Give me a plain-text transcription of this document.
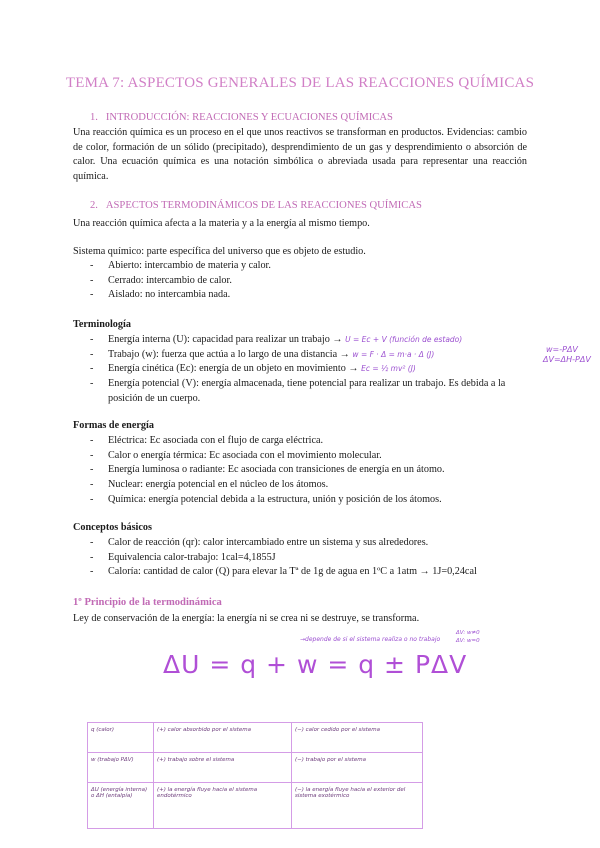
TEMA 7: ASPECTOS GENERALES DE LAS REACCIONES QUÍMICAS
1.   INTRODUCCIÓN: REACCIONES Y ECUACIONES QUÍMICAS
Una reacción química es un proceso en el que unos reactivos se transforman en productos. Evidencias: cambio de color, formación de un sólido (precipitado), desprendimiento de un gas y desprendimiento o absorción de calor. Una ecuación química es una notación simbólica o abreviada usada para representar una reacción química.
2.   ASPECTOS TERMODINÁMICOS DE LAS REACCIONES QUÍMICAS
Una reacción química afecta a la materia y a la energía al mismo tiempo.
Sistema químico: parte específica del universo que es objeto de estudio.
- Abierto: intercambio de materia y calor.
- Cerrado: intercambio de calor.
- Aislado: no intercambia nada.
Terminología
- Energía interna (U): capacidad para realizar un trabajo → U = Ec + V (función de estado)
- Trabajo (w): fuerza que actúa a lo largo de una distancia → w = F · Δ = m·a · Δ (J)
- Energía cinética (Ec): energía de un objeto en movimiento → Ec = ½ mv² (J)
- Energía potencial (V): energía almacenada, tiene potencial para realizar un trabajo. Es debida a la posición de un cuerpo.
w=-PΔV
ΔV=ΔH-PΔV
Formas de energía
- Eléctrica: Ec asociada con el flujo de carga eléctrica.
- Calor o energía térmica: Ec asociada con el movimiento molecular.
- Energía luminosa o radiante: Ec asociada con transiciones de energía en un átomo.
- Nuclear: energía potencial en el núcleo de los átomos.
- Química: energía potencial debida a la estructura, unión y posición de los átomos.
Conceptos básicos
- Calor de reacción (qr): calor intercambiado entre un sistema y sus alrededores.
- Equivalencia calor-trabajo: 1cal=4,1855J
- Caloría: cantidad de calor (Q) para elevar la Tª de 1g de agua en 1ºC a 1atm → 1J=0,24cal
1º Principio de la termodinámica
Ley de conservación de la energía: la energía ni se crea ni se destruye, se transforma.
→depende de si el sistema realiza o no trabajo
ΔV: w≠0
ΔV: w=0
ΔU = q + w = q ± PΔV
q (calor)	(+) calor absorbido por el sistema	(−) calor cedido por el sistema
w (trabajo PΔV)	(+) trabajo sobre el sistema	(−) trabajo por el sistema
ΔU (energía interna) o ΔH (entalpía)	(+) la energía fluye hacia el sistema endotérmico	(−) la energía fluye hacia el exterior del sistema exotérmico
